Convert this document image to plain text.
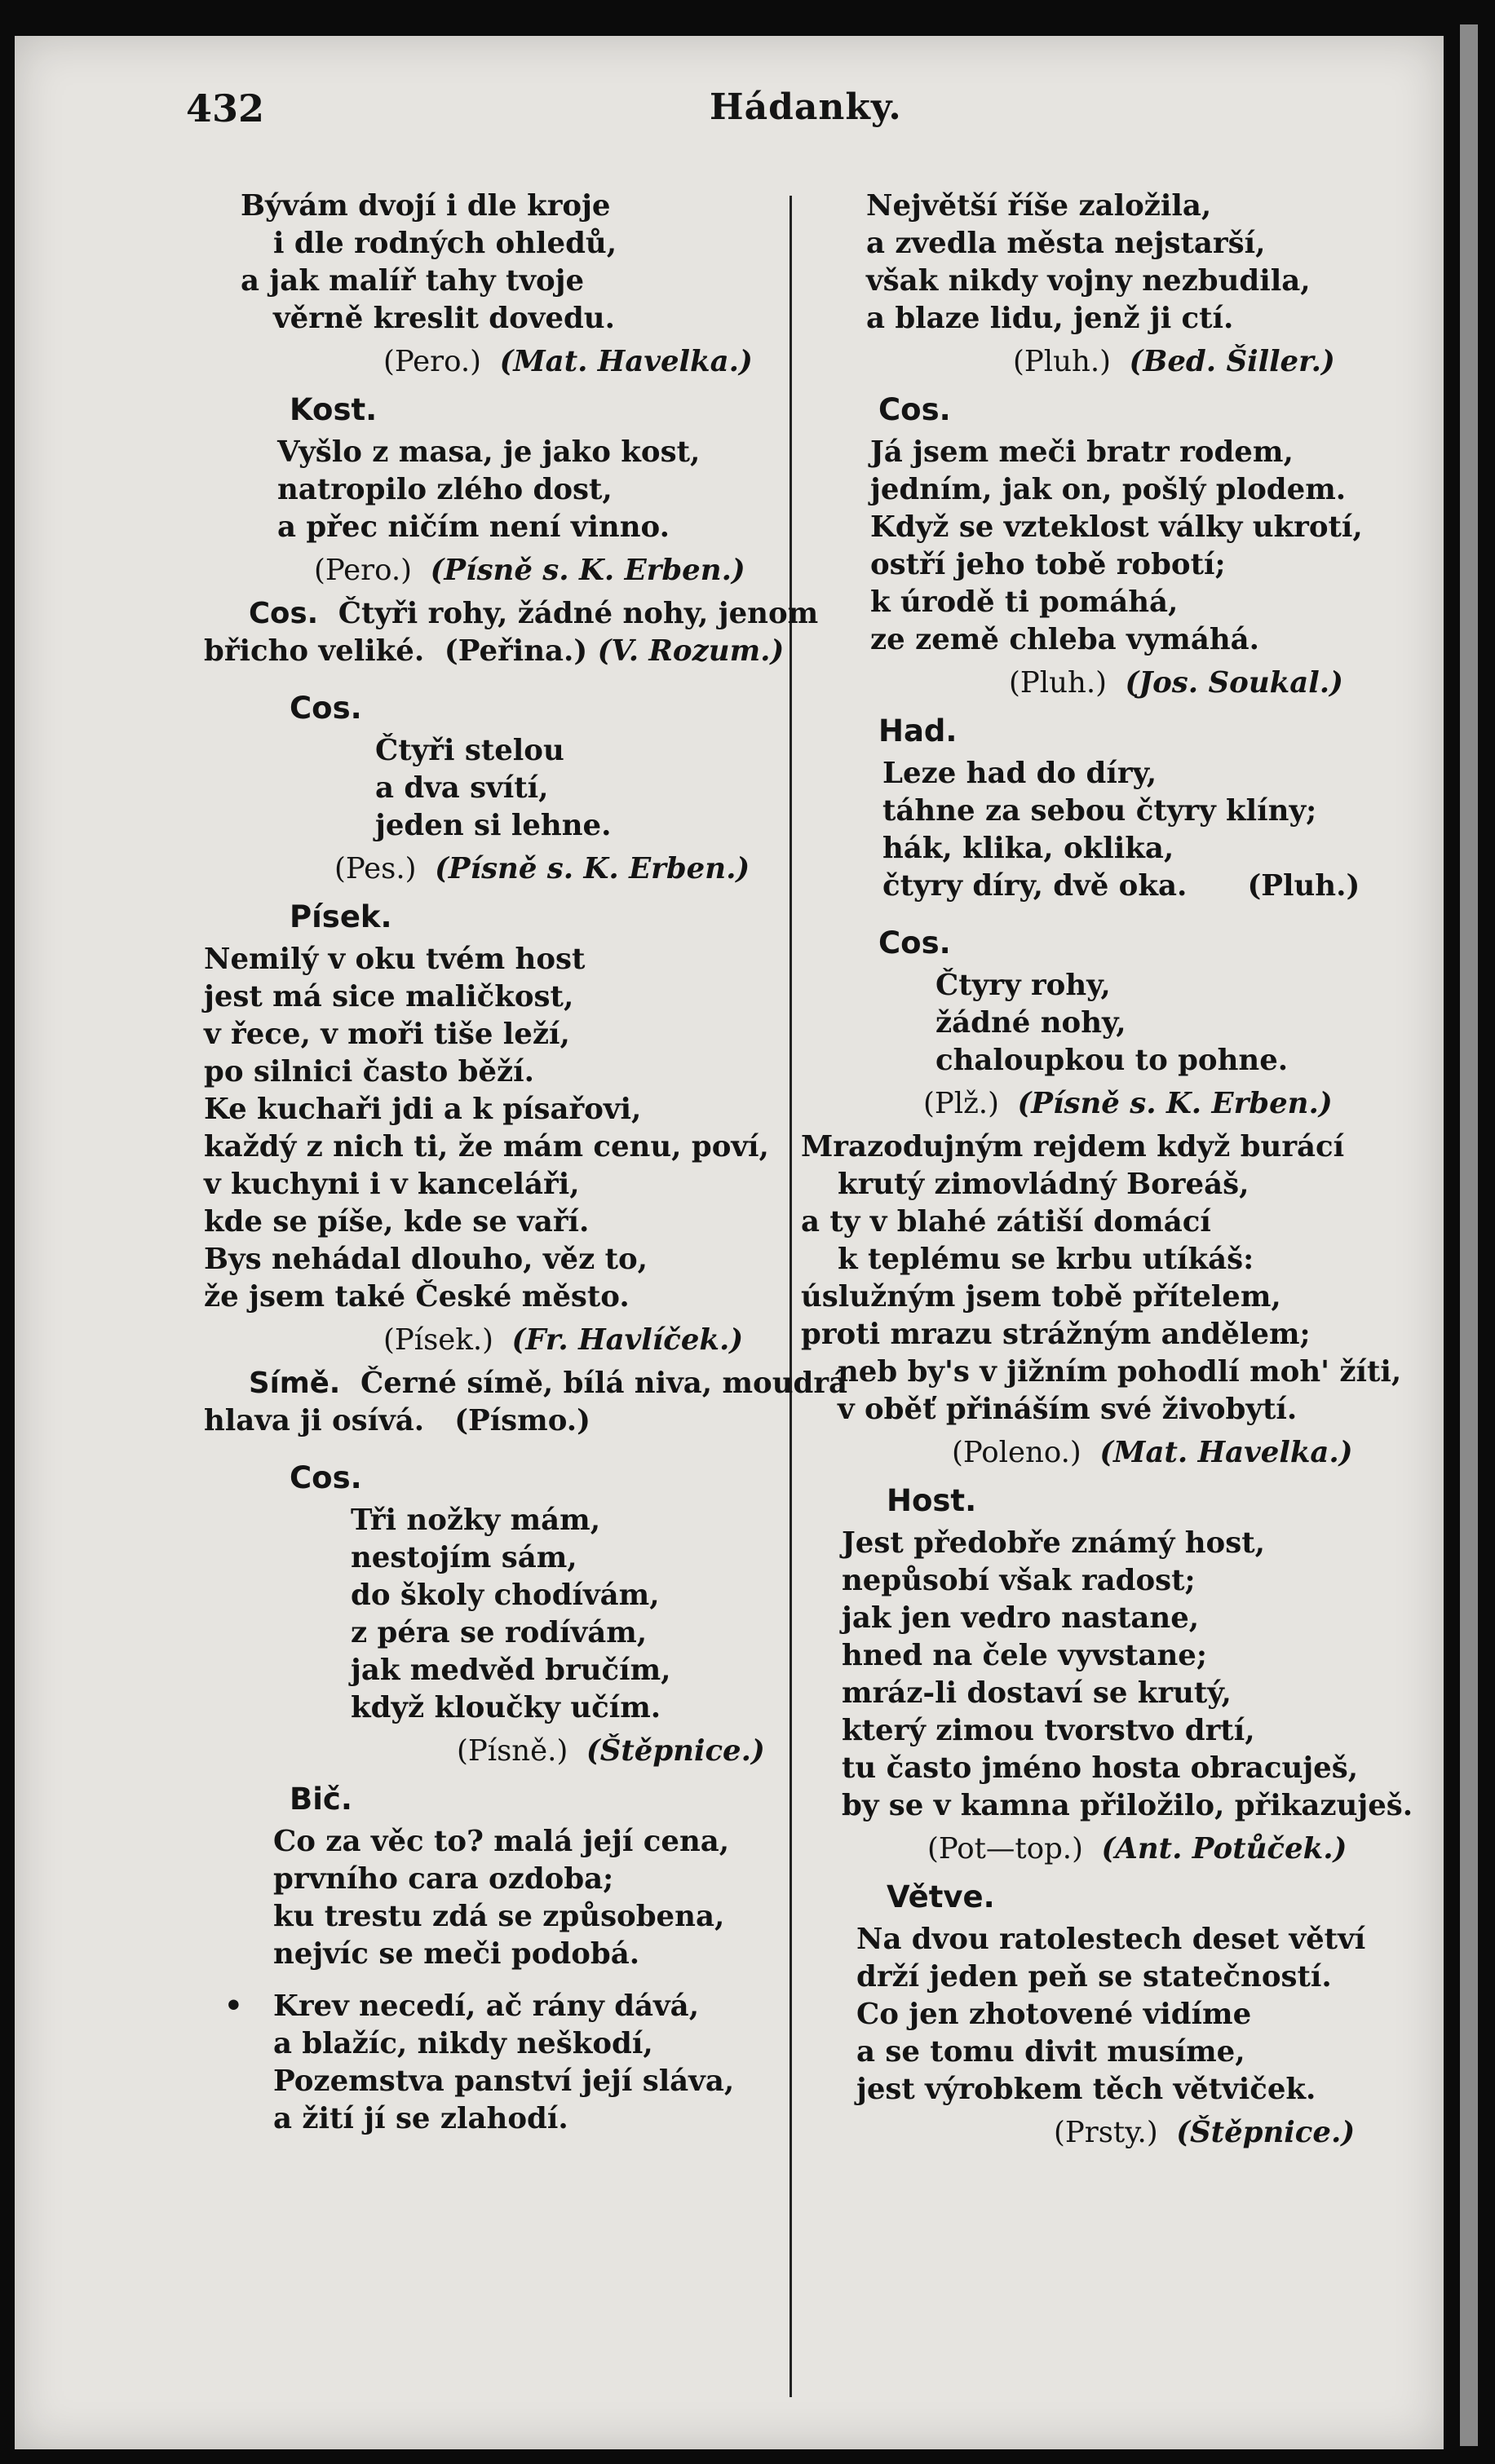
432	Hádanky.
Bývám dvojí i dle kroje
i dle rodných ohledů,
a jak malíř tahy tvoje
věrně kreslit dovedu.
(Pero.) (Mat. Havelka.)
Kost.
Vyšlo z masa, je jako kost,
natropilo zlého dost,
a přec ničím není vinno.
(Pero.) (Písně s. K. Erben.)
Cos. Čtyři rohy, žádné nohy, jenom
břicho veliké. (Peřina.) (V. Rozum.)
Cos.
Čtyři stelou
a dva svítí,
jeden si lehne.
(Pes.) (Písně s. K. Erben.)
Písek.
Nemilý v oku tvém host
jest má sice maličkost,
v řece, v moři tiše leží,
po silnici často běží.
Ke kuchaři jdi a k písařovi,
každý z nich ti, že mám cenu, poví,
v kuchyni i v kanceláři,
kde se píše, kde se vaří.
Bys nehádal dlouho, věz to,
že jsem také České město.
(Písek.) (Fr. Havlíček.)
Símě. Černé símě, bílá niva, moudrá
hlava ji osívá. (Písmo.)
Cos.
Tři nožky mám,
nestojím sám,
do školy chodívám,
z péra se rodívám,
jak medvěd bručím,
když kloučky učím.
(Písně.) (Štěpnice.)
Bič.
Co za věc to? malá její cena,
prvního cara ozdoba;
ku trestu zdá se způsobena,
nejvíc se meči podobá.
• Krev necedí, ač rány dává,
a blažíc, nikdy neškodí,
Pozemstva panství její sláva,
a žití jí se zlahodí.
Největší říše založila,
a zvedla města nejstarší,
však nikdy vojny nezbudila,
a blaze lidu, jenž ji ctí.
(Pluh.) (Bed. Šiller.)
Cos.
Já jsem meči bratr rodem,
jedním, jak on, pošlý plodem.
Když se vzteklost války ukrotí,
ostří jeho tobě robotí;
k úrodě ti pomáhá,
ze země chleba vymáhá.
(Pluh.) (Jos. Soukal.)
Had.
Leze had do díry,
táhne za sebou čtyry klíny;
hák, klika, oklika,
čtyry díry, dvě oka. (Pluh.)
Cos.
Čtyry rohy,
žádné nohy,
chaloupkou to pohne.
(Plž.) (Písně s. K. Erben.)
Mrazodujným rejdem když burácí
krutý zimovládný Boreáš,
a ty v blahé zátiší domácí
k teplému se krbu utíkáš:
úslužným jsem tobě přítelem,
proti mrazu strážným andělem;
neb by's v jižním pohodlí moh' žíti,
v oběť přináším své živobytí.
(Poleno.) (Mat. Havelka.)
Host.
Jest předobře známý host,
nepůsobí však radost;
jak jen vedro nastane,
hned na čele vyvstane;
mráz-li dostaví se krutý,
který zimou tvorstvo drtí,
tu často jméno hosta obracuješ,
by se v kamna přiložilo, přikazuješ.
(Pot—top.) (Ant. Potůček.)
Větve.
Na dvou ratolestech deset větví
drží jeden peň se statečností.
Co jen zhotovené vidíme
a se tomu divit musíme,
jest výrobkem těch větviček.
(Prsty.) (Štěpnice.)
